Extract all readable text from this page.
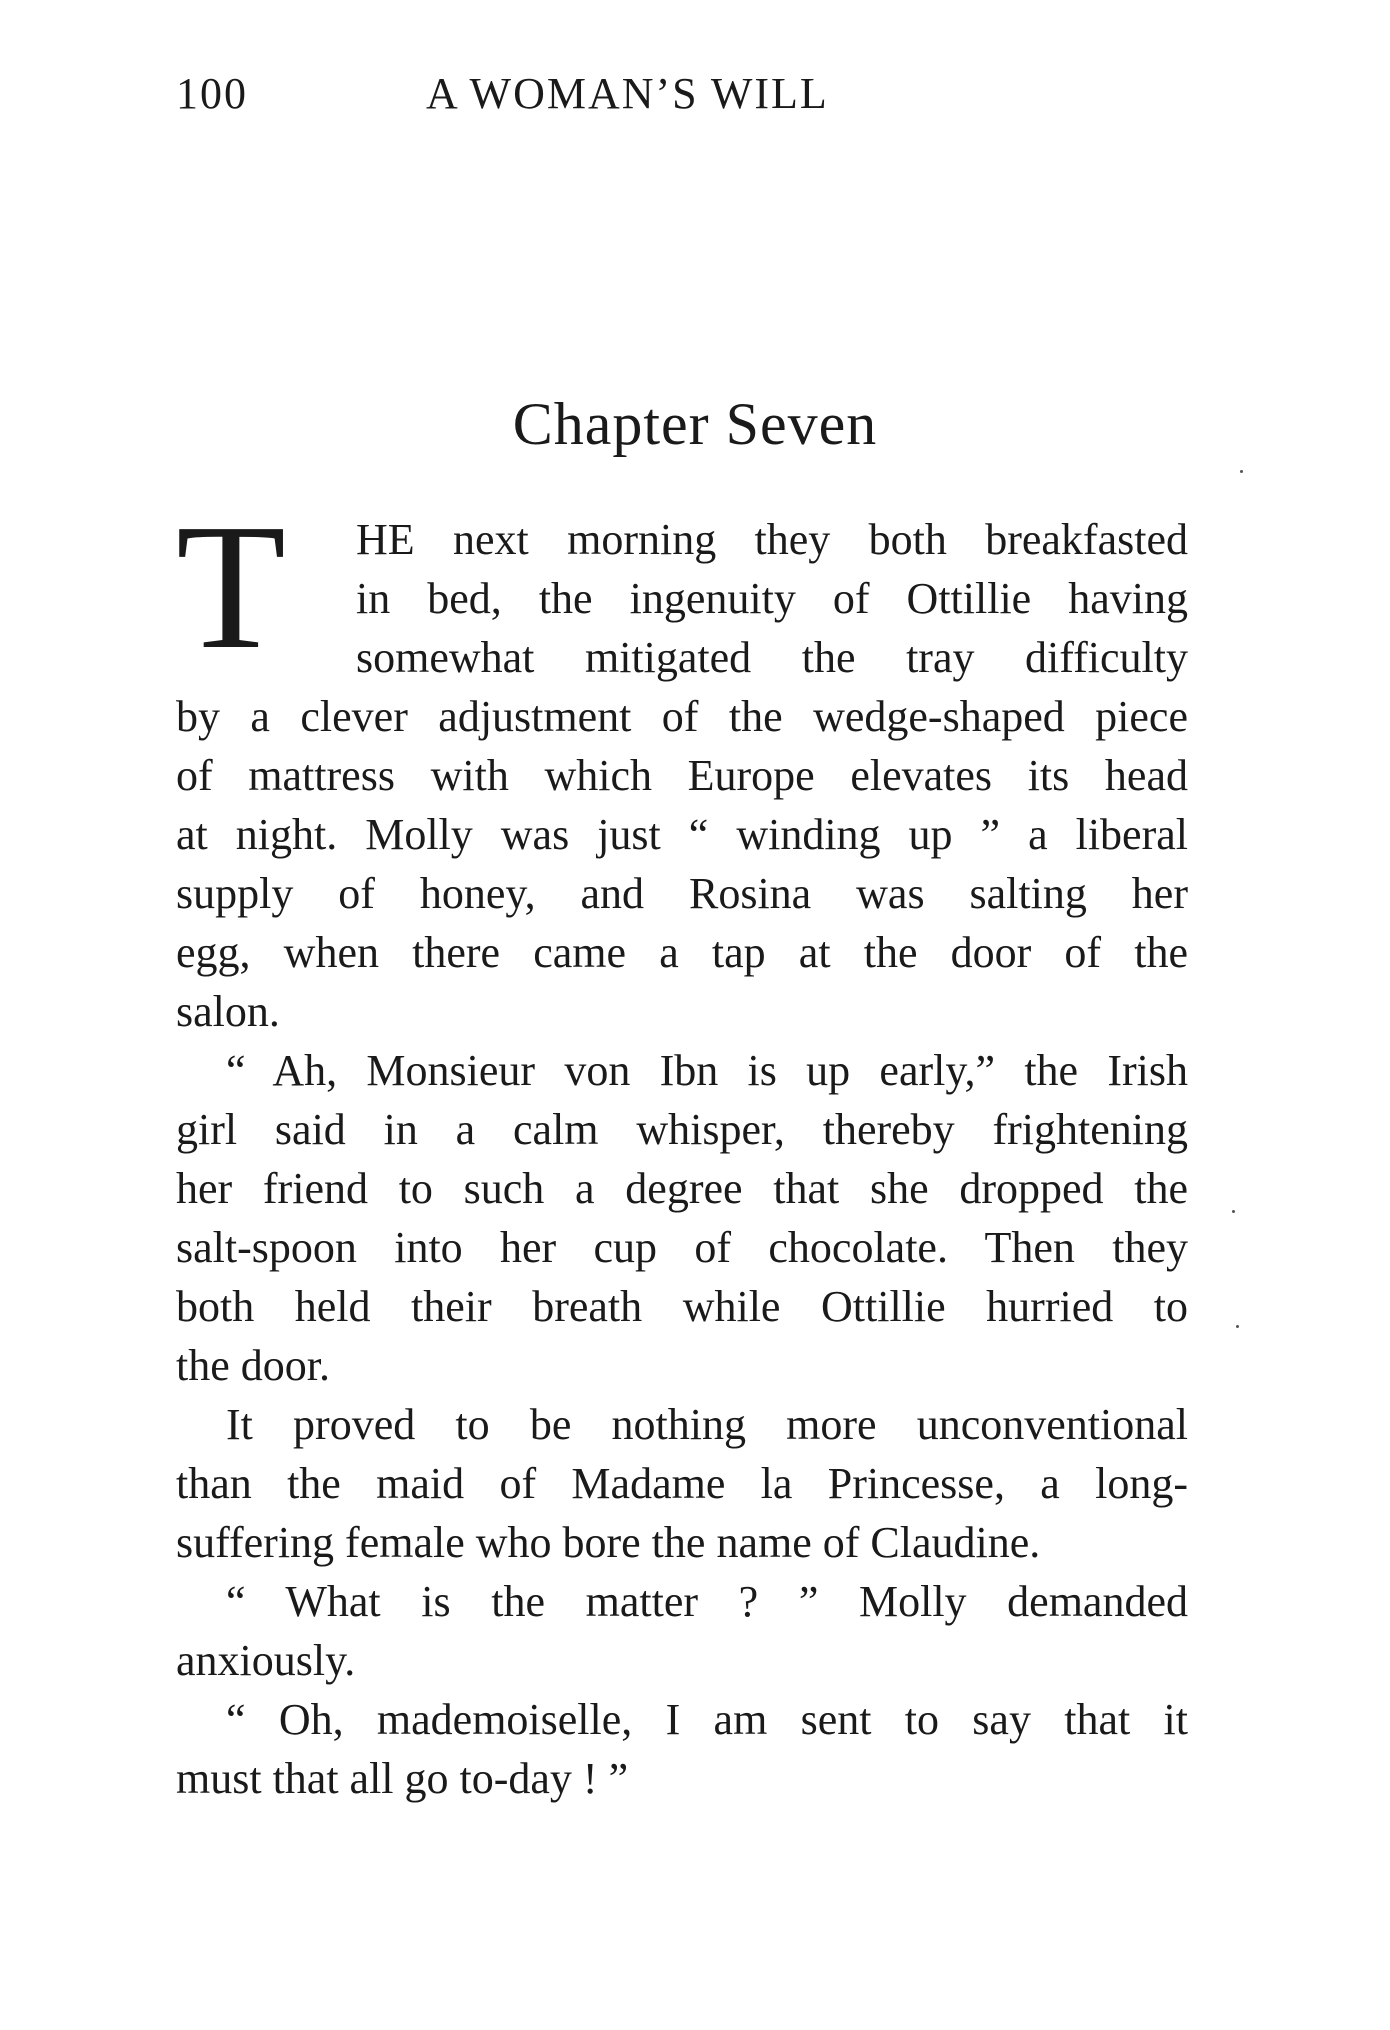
100	A WOMAN’S WILL
Chapter Seven
T HE next morning they both breakfasted
in bed, the ingenuity of Ottillie having
somewhat mitigated the tray difficulty
by a clever adjustment of the wedge-shaped piece
of mattress with which Europe elevates its head
at night. Molly was just “ winding up ” a liberal
supply of honey, and Rosina was salting her
egg, when there came a tap at the door of the
salon.
“ Ah, Monsieur von Ibn is up early,” the Irish
girl said in a calm whisper, thereby frightening
her friend to such a degree that she dropped the
salt-spoon into her cup of chocolate. Then they
both held their breath while Ottillie hurried to
the door.
It proved to be nothing more unconventional
than the maid of Madame la Princesse, a long-
suffering female who bore the name of Claudine.
“ What is the matter ? ” Molly demanded
anxiously.
“ Oh, mademoiselle, I am sent to say that it
must that all go to-day ! ”
